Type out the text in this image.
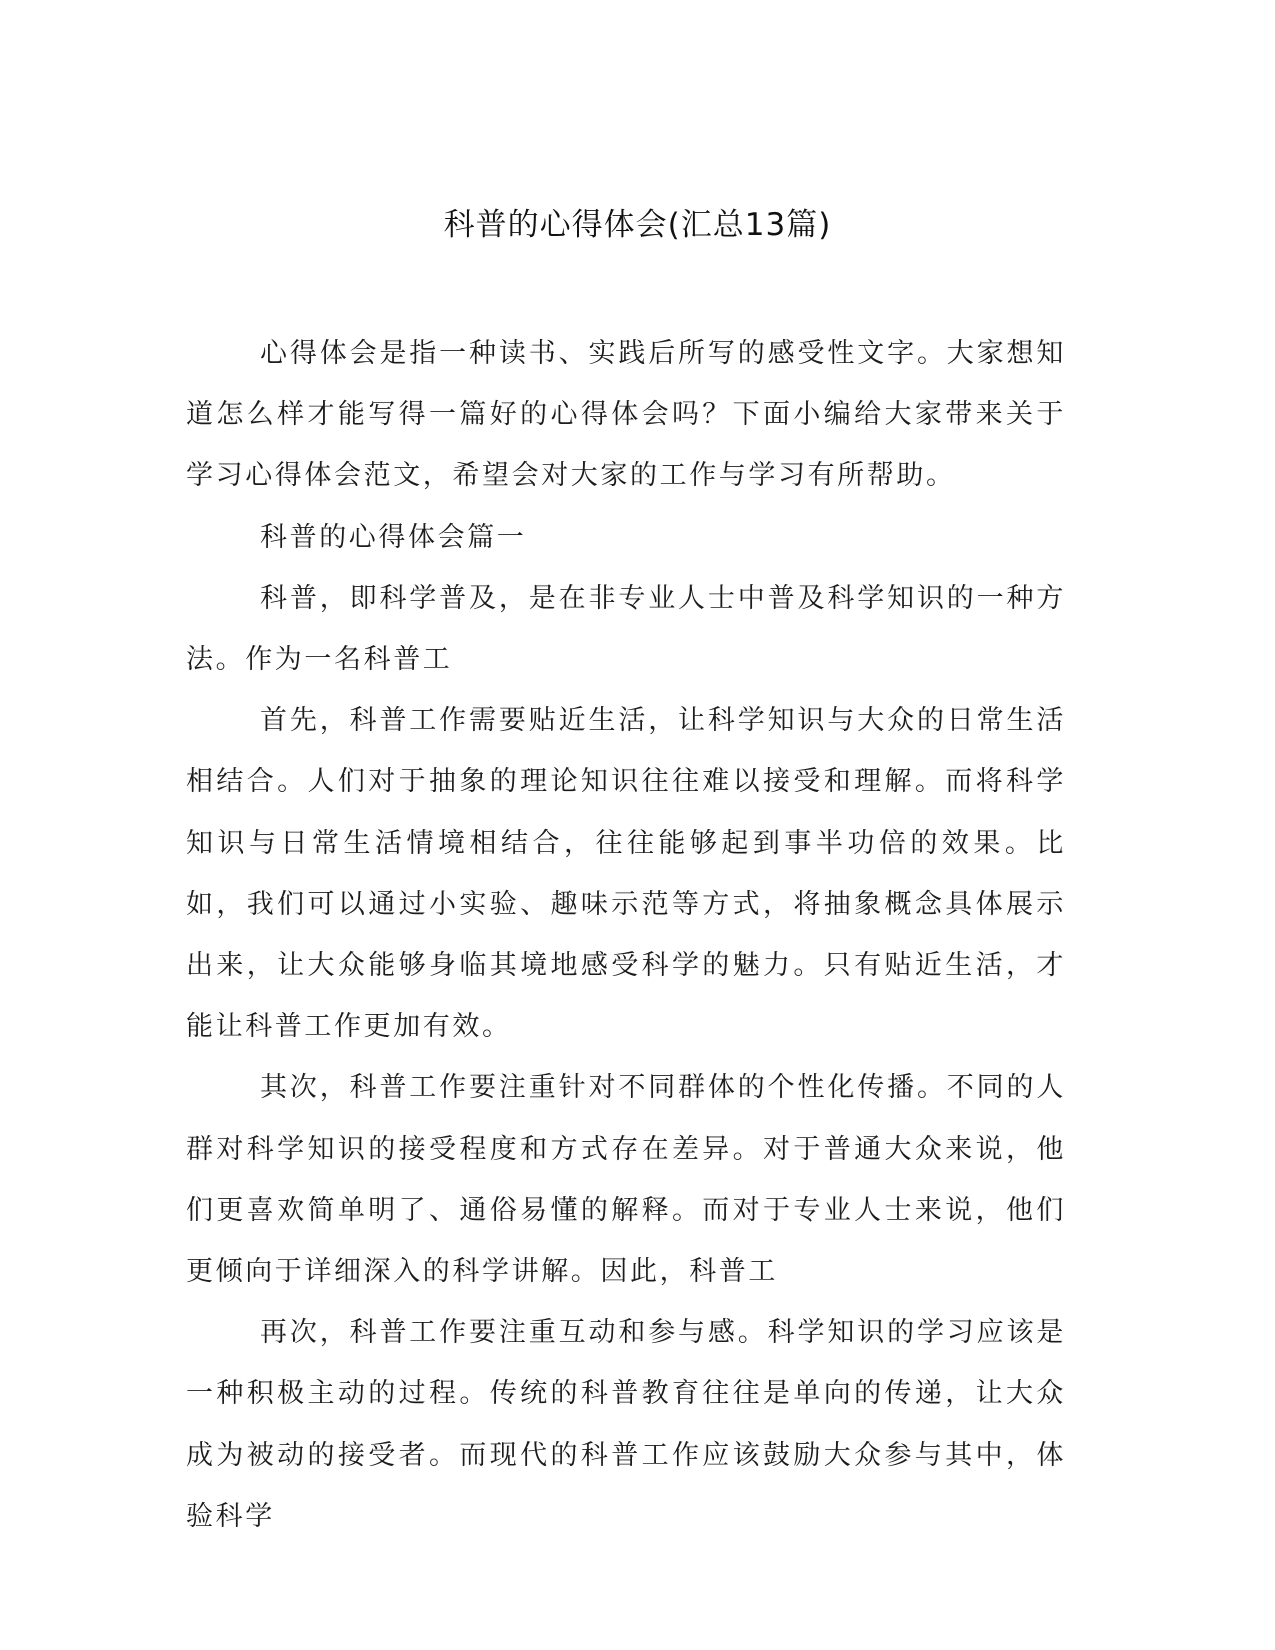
科普的心得体会(汇总13篇)

心得体会是指一种读书、实践后所写的感受性文字。大家想知道怎么样才能写得一篇好的心得体会吗？下面小编给大家带来关于学习心得体会范文，希望会对大家的工作与学习有所帮助。

科普的心得体会篇一

科普，即科学普及，是在非专业人士中普及科学知识的一种方法。作为一名科普工

首先，科普工作需要贴近生活，让科学知识与大众的日常生活相结合。人们对于抽象的理论知识往往难以接受和理解。而将科学知识与日常生活情境相结合，往往能够起到事半功倍的效果。比如，我们可以通过小实验、趣味示范等方式，将抽象概念具体展示出来，让大众能够身临其境地感受科学的魅力。只有贴近生活，才能让科普工作更加有效。

其次，科普工作要注重针对不同群体的个性化传播。不同的人群对科学知识的接受程度和方式存在差异。对于普通大众来说，他们更喜欢简单明了、通俗易懂的解释。而对于专业人士来说，他们更倾向于详细深入的科学讲解。因此，科普工

再次，科普工作要注重互动和参与感。科学知识的学习应该是一种积极主动的过程。传统的科普教育往往是单向的传递，让大众成为被动的接受者。而现代的科普工作应该鼓励大众参与其中，体验科学
